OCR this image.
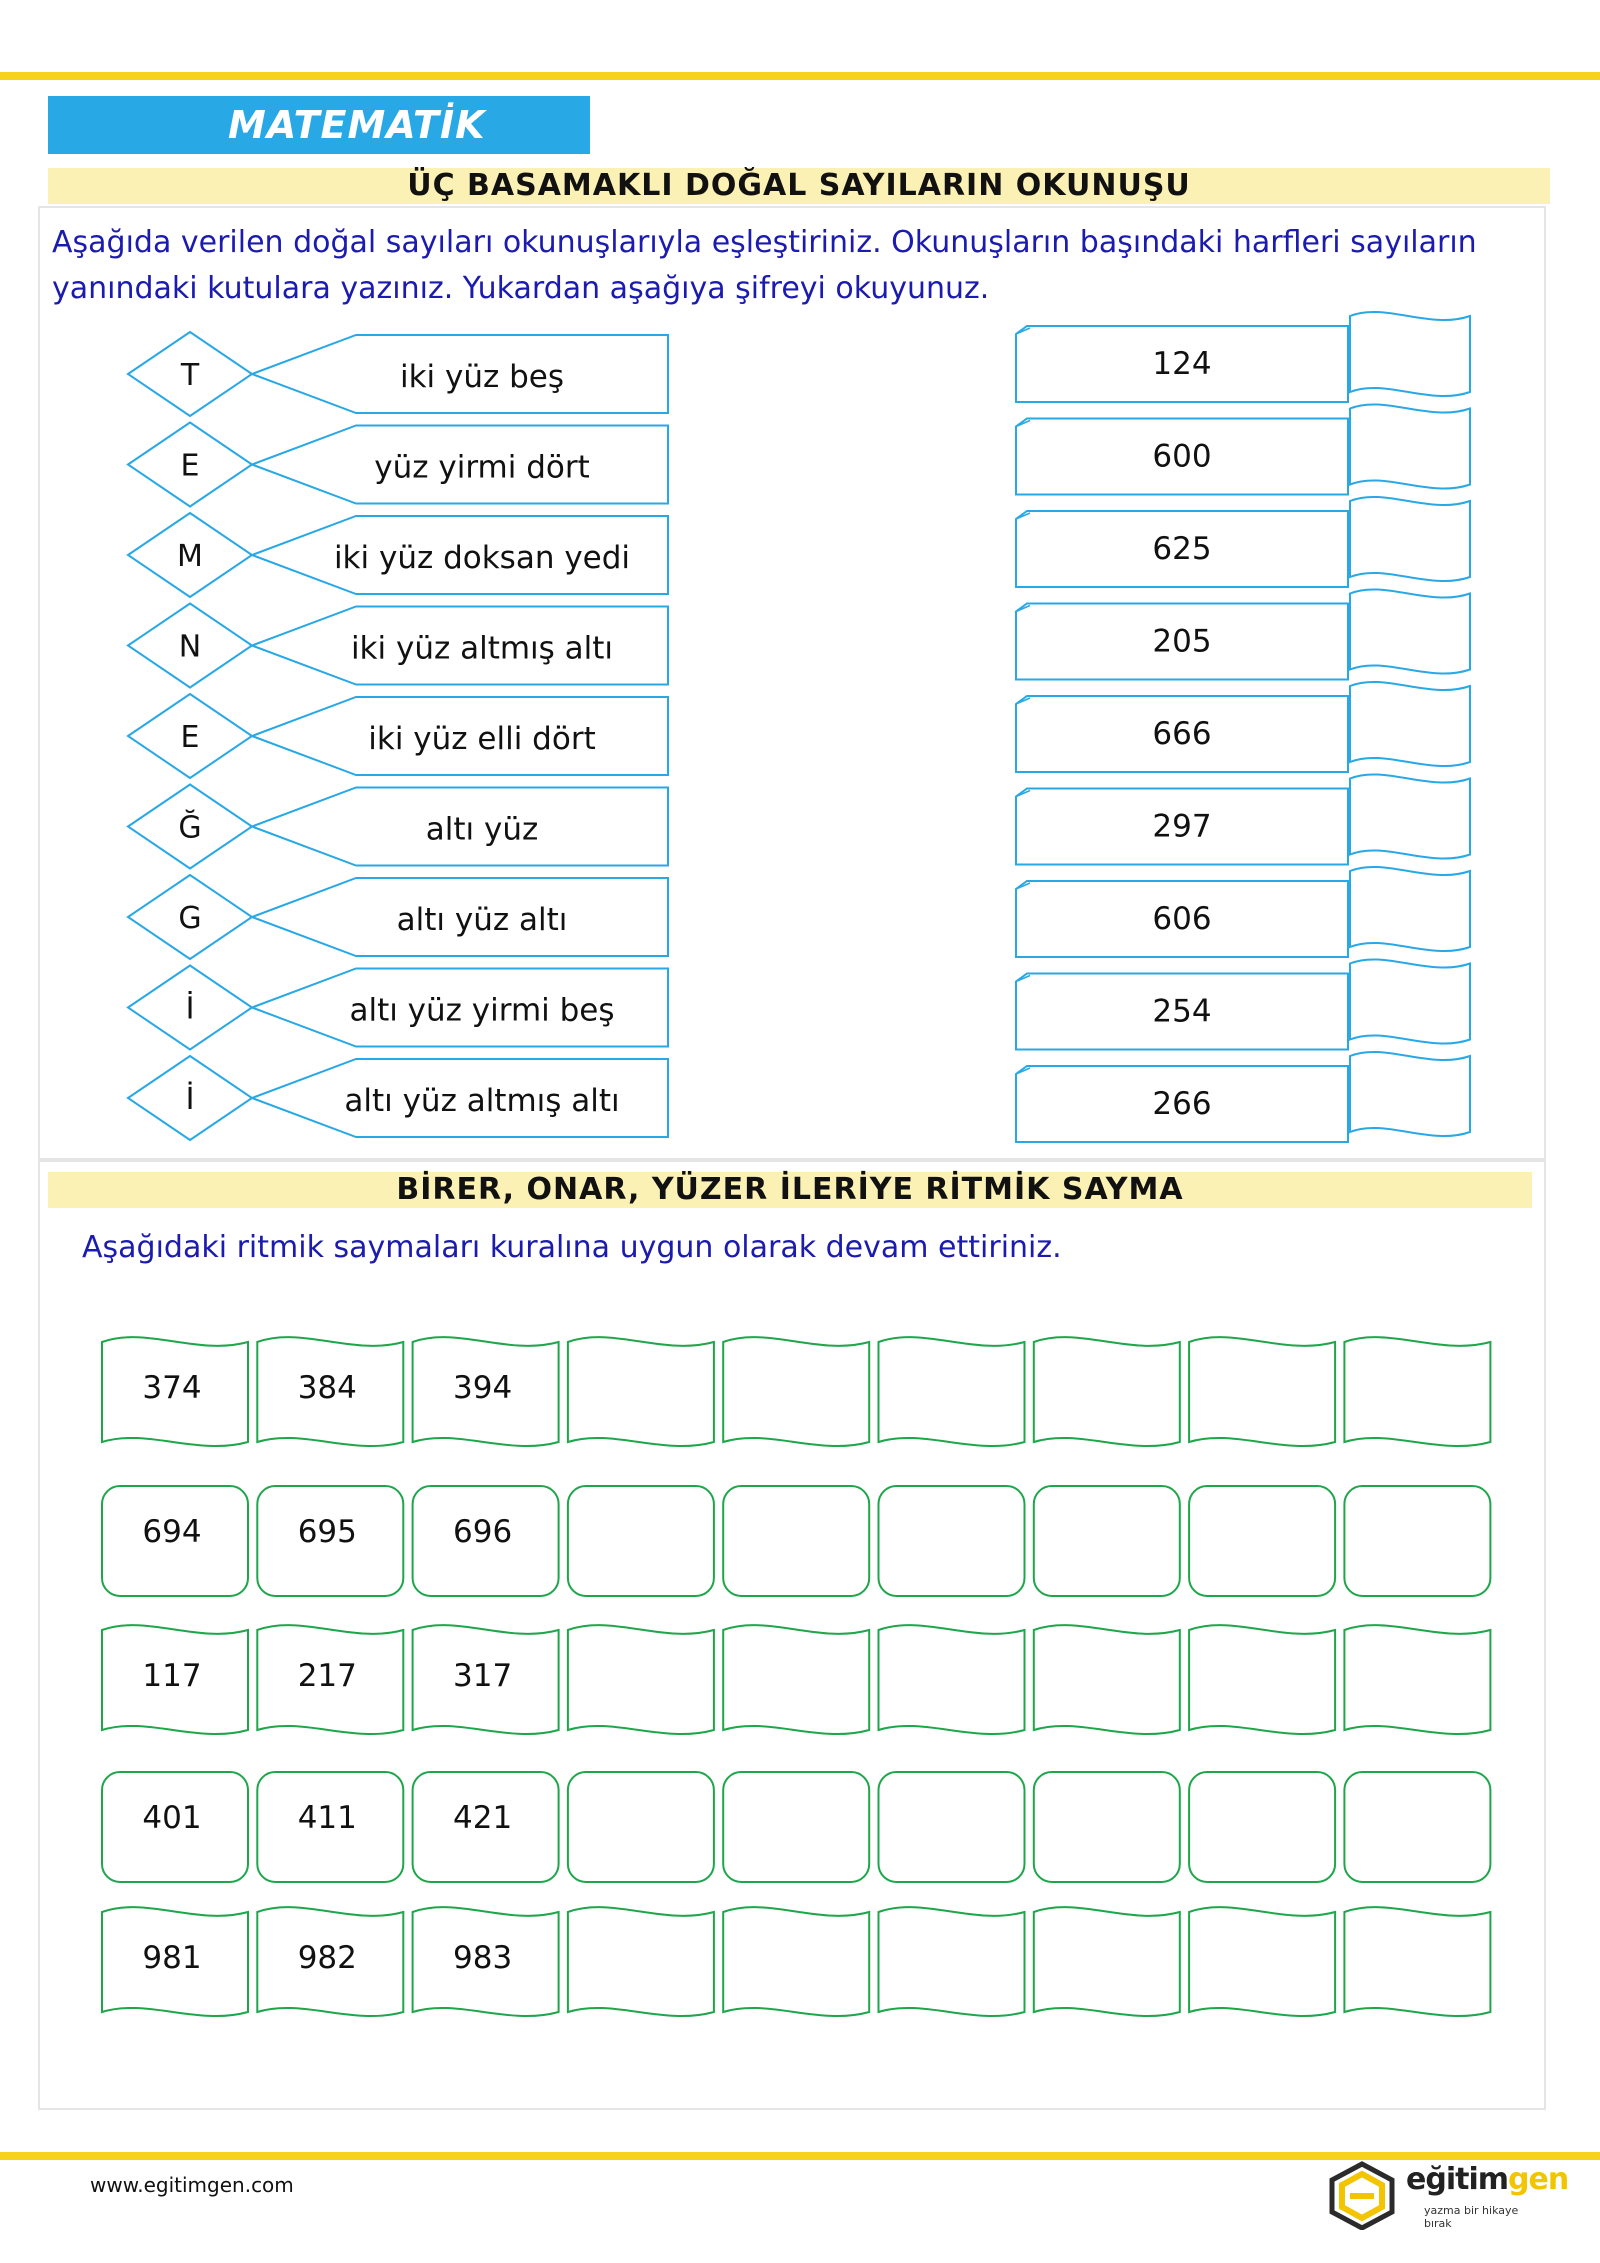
MATEMATİK
ÜÇ BASAMAKLI DOĞAL SAYILARIN OKUNUŞU

Aşağıda verilen doğal sayıları okunuşlarıyla eşleştiriniz. Okunuşların başındaki harfleri sayıların

yanındaki kutulara yazınız. Yukardan aşağıya şifreyi okuyunuz.

T	iki yüz beş
E	yüz yirmi dört
M	iki yüz doksan yedi
N	iki yüz altmış altı
E	iki yüz elli dört
Ğ	altı yüz
G	altı yüz altı
İ	altı yüz yirmi beş
İ	altı yüz altmış altı
124
600
625
205
666
297
606
254
266
BİRER, ONAR, YÜZER İLERİYE RİTMİK SAYMA

Aşağıdaki ritmik saymaları kuralına uygun olarak devam ettiriniz.

374	384	394
694	695	696
117	217	317
401	411	421
981	982	983
www.egitimgen.com	eğitimgen
yazma bir hikaye bırak
